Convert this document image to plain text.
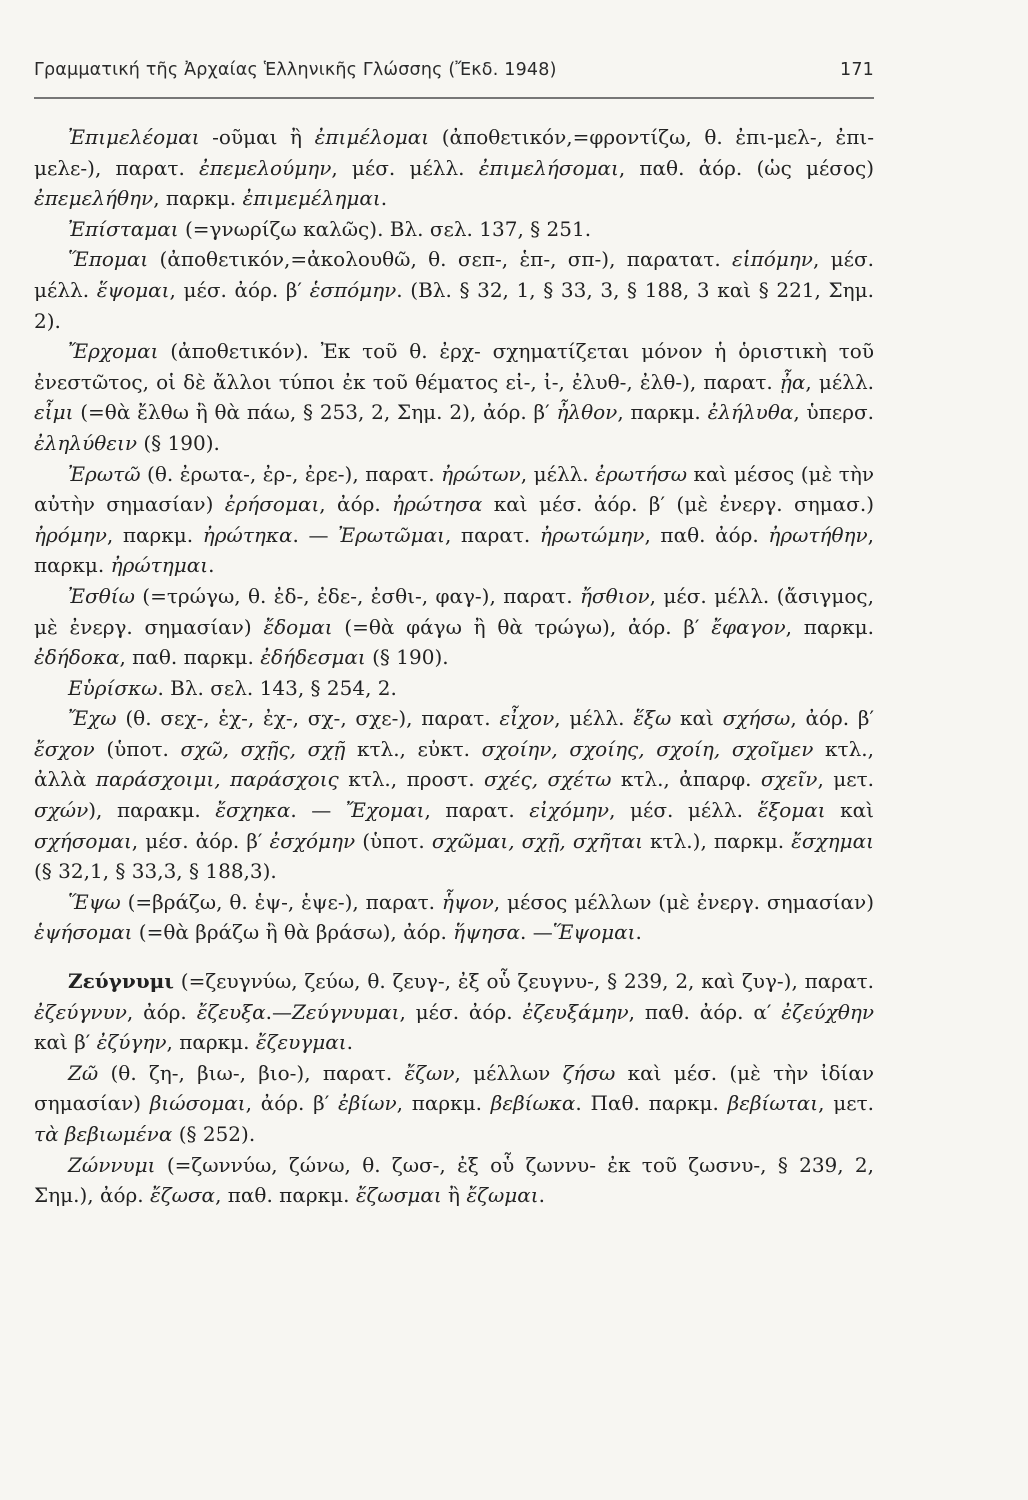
Γραμματική τῆς Ἀρχαίας Ἑλληνικῆς Γλώσσης (Ἔκδ. 1948)	171

Ἐπιμελέομαι -οῦμαι ἢ ἐπιμέλομαι (ἀποθετικόν,=φροντίζω, θ. ἐπι-μελ-, ἐπι-μελε-), παρατ. ἐπεμελούμην, μέσ. μέλλ. ἐπιμελήσομαι, παθ. ἀόρ. (ὡς μέσος) ἐπεμελήθην, παρκμ. ἐπιμεμέλημαι.

Ἐπίσταμαι (=γνωρίζω καλῶς). Βλ. σελ. 137, § 251.

Ἕπομαι (ἀποθετικόν,=ἀκολουθῶ, θ. σεπ-, ἑπ-, σπ-), παρατατ. εἱπόμην, μέσ. μέλλ. ἕψομαι, μέσ. ἀόρ. β′ ἑσπόμην. (Βλ. § 32, 1, § 33, 3, § 188, 3 καὶ § 221, Σημ. 2).

Ἔρχομαι (ἀποθετικόν). Ἐκ τοῦ θ. ἐρχ- σχηματίζεται μόνον ἡ ὁριστικὴ τοῦ ἐνεστῶτος, οἱ δὲ ἄλλοι τύποι ἐκ τοῦ θέματος εἰ-, ἰ-, ἐλυθ-, ἐλθ-), παρατ. ᾖα, μέλλ. εἶμι (=θὰ ἔλθω ἢ θὰ πάω, § 253, 2, Σημ. 2), ἀόρ. β′ ἦλθον, παρκμ. ἐλήλυθα, ὑπερσ. ἐληλύθειν (§ 190).

Ἐρωτῶ (θ. ἐρωτα-, ἐρ-, ἐρε-), παρατ. ἠρώτων, μέλλ. ἐρωτήσω καὶ μέσος (μὲ τὴν αὐτὴν σημασίαν) ἐρήσομαι, ἀόρ. ἠρώτησα καὶ μέσ. ἀόρ. β′ (μὲ ἐνεργ. σημασ.) ἠρόμην, παρκμ. ἠρώτηκα. — Ἐρωτῶμαι, παρατ. ἠρωτώμην, παθ. ἀόρ. ἠρωτήθην, παρκμ. ἠρώτημαι.

Ἐσθίω (=τρώγω, θ. ἐδ-, ἐδε-, ἐσθι-, φαγ-), παρατ. ἤσθιον, μέσ. μέλλ. (ἄσιγμος, μὲ ἐνεργ. σημασίαν) ἔδομαι (=θὰ φάγω ἢ θὰ τρώγω), ἀόρ. β′ ἔφαγον, παρκμ. ἐδήδοκα, παθ. παρκμ. ἐδήδεσμαι (§ 190).

Εὑρίσκω. Βλ. σελ. 143, § 254, 2.

Ἔχω (θ. σεχ-, ἑχ-, ἐχ-, σχ-, σχε-), παρατ. εἶχον, μέλλ. ἕξω καὶ σχήσω, ἀόρ. β′ ἔσχον (ὑποτ. σχῶ, σχῇς, σχῇ κτλ., εὐκτ. σχοίην, σχοίης, σχοίη, σχοῖμεν κτλ., ἀλλὰ παράσχοιμι, παράσχοις κτλ., προστ. σχές, σχέτω κτλ., ἀπαρφ. σχεῖν, μετ. σχών), παρακμ. ἔσχηκα. — Ἔχομαι, παρατ. εἰχόμην, μέσ. μέλλ. ἕξομαι καὶ σχήσομαι, μέσ. ἀόρ. β′ ἐσχόμην (ὑποτ. σχῶμαι, σχῇ, σχῆται κτλ.), παρκμ. ἔσχημαι (§ 32,1, § 33,3, § 188,3).

Ἕψω (=βράζω, θ. ἑψ-, ἑψε-), παρατ. ἧψον, μέσος μέλλων (μὲ ἐνεργ. σημασίαν) ἑψήσομαι (=θὰ βράζω ἢ θὰ βράσω), ἀόρ. ἥψησα. —Ἕψομαι.

Ζεύγνυμι (=ζευγνύω, ζεύω, θ. ζευγ-, ἐξ οὗ ζευγνυ-, § 239, 2, καὶ ζυγ-), παρατ. ἐζεύγνυν, ἀόρ. ἔζευξα.—Ζεύγνυμαι, μέσ. ἀόρ. ἐζευξάμην, παθ. ἀόρ. α′ ἐζεύχθην καὶ β′ ἐζύγην, παρκμ. ἔζευγμαι.

Ζῶ (θ. ζη-, βιω-, βιο-), παρατ. ἔζων, μέλλων ζήσω καὶ μέσ. (μὲ τὴν ἰδίαν σημασίαν) βιώσομαι, ἀόρ. β′ ἐβίων, παρκμ. βεβίωκα. Παθ. παρκμ. βεβίωται, μετ. τὰ βεβιωμένα (§ 252).

Ζώννυμι (=ζωννύω, ζώνω, θ. ζωσ-, ἐξ οὗ ζωννυ- ἐκ τοῦ ζωσνυ-, § 239, 2, Σημ.), ἀόρ. ἔζωσα, παθ. παρκμ. ἔζωσμαι ἢ ἔζωμαι.
